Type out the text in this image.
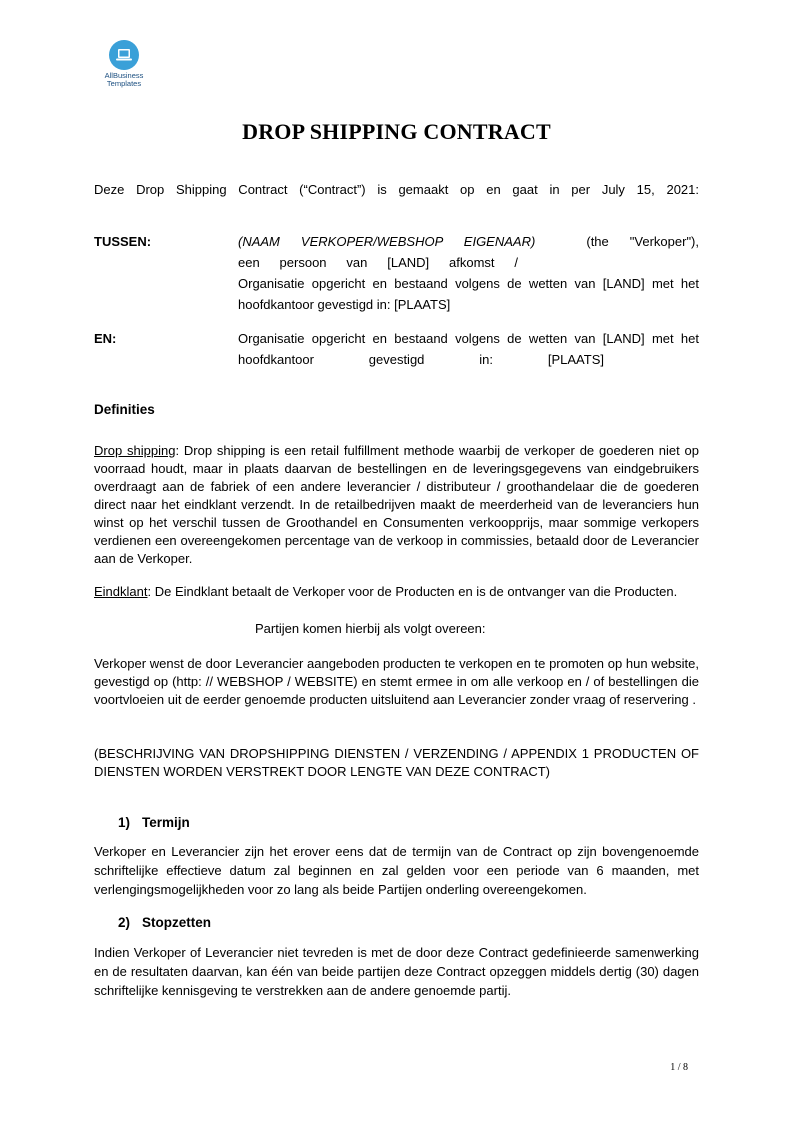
AllBusiness
Templates
DROP SHIPPING CONTRACT
Deze Drop Shipping Contract (“Contract”) is gemaakt op en gaat in per July 15, 2021:
TUSSEN:	(NAAM VERKOPER/WEBSHOP EIGENAAR)	(the "Verkoper"),
een persoon van [LAND] afkomst /
Organisatie opgericht en bestaand volgens de wetten van [LAND] met het
hoofdkantoor gevestigd in: [PLAATS]
EN:	Organisatie opgericht en bestaand volgens de wetten van [LAND] met het
hoofdkantoor gevestigd in: [PLAATS]
Definities
Drop shipping: Drop shipping is een retail fulfillment methode waarbij de verkoper de goederen niet op voorraad houdt, maar in plaats daarvan de bestellingen en de leveringsgegevens van eindgebruikers overdraagt aan de fabriek of een andere leverancier / distributeur / groothandelaar die de goederen direct naar het eindklant verzendt. In de retailbedrijven maakt de meerderheid van de leveranciers hun winst op het verschil tussen de Groothandel en Consumenten verkoopprijs, maar sommige verkopers verdienen een overeengekomen percentage van de verkoop in commissies, betaald door de Leverancier aan de Verkoper.
Eindklant: De Eindklant betaalt de Verkoper voor de Producten en is de ontvanger van die Producten.
Partijen komen hierbij als volgt overeen:
Verkoper wenst de door Leverancier aangeboden producten te verkopen en te promoten op hun website, gevestigd op (http: // WEBSHOP / WEBSITE) en stemt ermee in om alle verkoop en / of bestellingen die voortvloeien uit de eerder genoemde producten uitsluitend aan Leverancier zonder vraag of reservering .
(BESCHRIJVING VAN DROPSHIPPING DIENSTEN / VERZENDING / APPENDIX 1 PRODUCTEN OF DIENSTEN WORDEN VERSTREKT DOOR LENGTE VAN DEZE CONTRACT)
1) Termijn
Verkoper en Leverancier zijn het erover eens dat de termijn van de Contract op zijn bovengenoemde schriftelijke effectieve datum zal beginnen en zal gelden voor een periode van 6 maanden, met verlengingsmogelijkheden voor zo lang als beide Partijen onderling overeengekomen.
2) Stopzetten
Indien Verkoper of Leverancier niet tevreden is met de door deze Contract gedefinieerde samenwerking en de resultaten daarvan, kan één van beide partijen deze Contract opzeggen middels dertig (30) dagen schriftelijke kennisgeving te verstrekken aan de andere genoemde partij.
1 / 8
